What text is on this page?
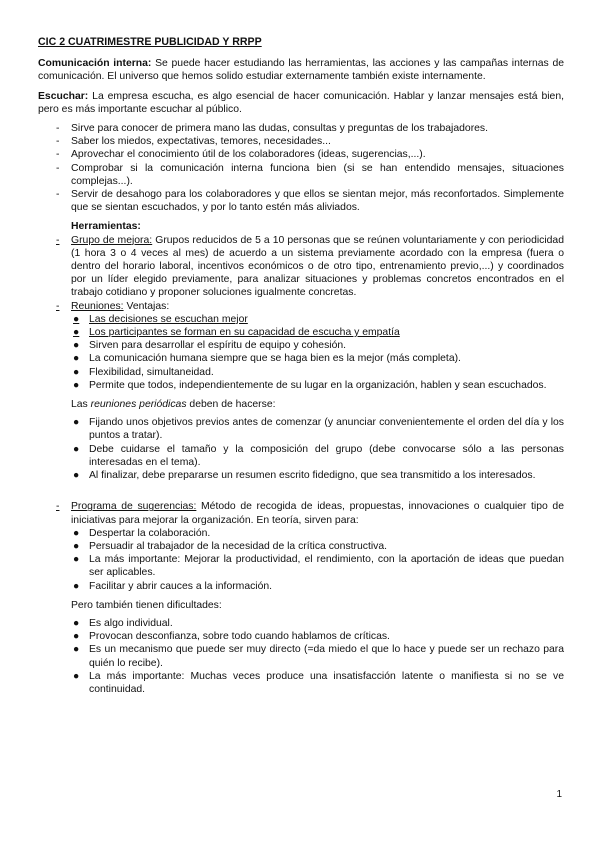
CIC 2 CUATRIMESTRE PUBLICIDAD Y RRPP

Comunicación interna: Se puede hacer estudiando las herramientas, las acciones y las campañas internas de comunicación. El universo que hemos solido estudiar externamente también existe internamente.

Escuchar: La empresa escucha, es algo esencial de hacer comunicación. Hablar y lanzar mensajes está bien, pero es más importante escuchar al público.

- Sirve para conocer de primera mano las dudas, consultas y preguntas de los trabajadores.
- Saber los miedos, expectativas, temores, necesidades...
- Aprovechar el conocimiento útil de los colaboradores (ideas, sugerencias,...).
- Comprobar si la comunicación interna funciona bien (si se han entendido mensajes, situaciones complejas...).
- Servir de desahogo para los colaboradores y que ellos se sientan mejor, más reconfortados. Simplemente que se sientan escuchados, y por lo tanto estén más aliviados.
Herramientas:
- Grupo de mejora: Grupos reducidos de 5 a 10 personas que se reúnen voluntariamente y con periodicidad (1 hora 3 o 4 veces al mes) de acuerdo a un sistema previamente acordado con la empresa (fuera o dentro del horario laboral, incentivos económicos o de otro tipo, entrenamiento previo,...) y coordinados por un líder elegido previamente, para analizar situaciones y problemas concretos encontrados en el trabajo cotidiano y proponer soluciones igualmente concretas.
- Reuniones: Ventajas:
● Las decisiones se escuchan mejor
● Los participantes se forman en su capacidad de escucha y empatía
● Sirven para desarrollar el espíritu de equipo y cohesión.
● La comunicación humana siempre que se haga bien es la mejor (más completa).
● Flexibilidad, simultaneidad.
● Permite que todos, independientemente de su lugar en la organización, hablen y sean escuchados.

Las reuniones periódicas deben de hacerse:

● Fijando unos objetivos previos antes de comenzar (y anunciar convenientemente el orden del día y los puntos a tratar).
● Debe cuidarse el tamaño y la composición del grupo (debe convocarse sólo a las personas interesadas en el tema).
● Al finalizar, debe prepararse un resumen escrito fidedigno, que sea transmitido a los interesados.
- Programa de sugerencias: Método de recogida de ideas, propuestas, innovaciones o cualquier tipo de iniciativas para mejorar la organización. En teoría, sirven para:
● Despertar la colaboración.
● Persuadir al trabajador de la necesidad de la crítica constructiva.
● La más importante: Mejorar la productividad, el rendimiento, con la aportación de ideas que puedan ser aplicables.
● Facilitar y abrir cauces a la información.

Pero también tienen dificultades:

● Es algo individual.
● Provocan desconfianza, sobre todo cuando hablamos de críticas.
● Es un mecanismo que puede ser muy directo (=da miedo el que lo hace y puede ser un rechazo para quién lo recibe).
● La más importante: Muchas veces produce una insatisfacción latente o manifiesta si no se ve continuidad.
1
